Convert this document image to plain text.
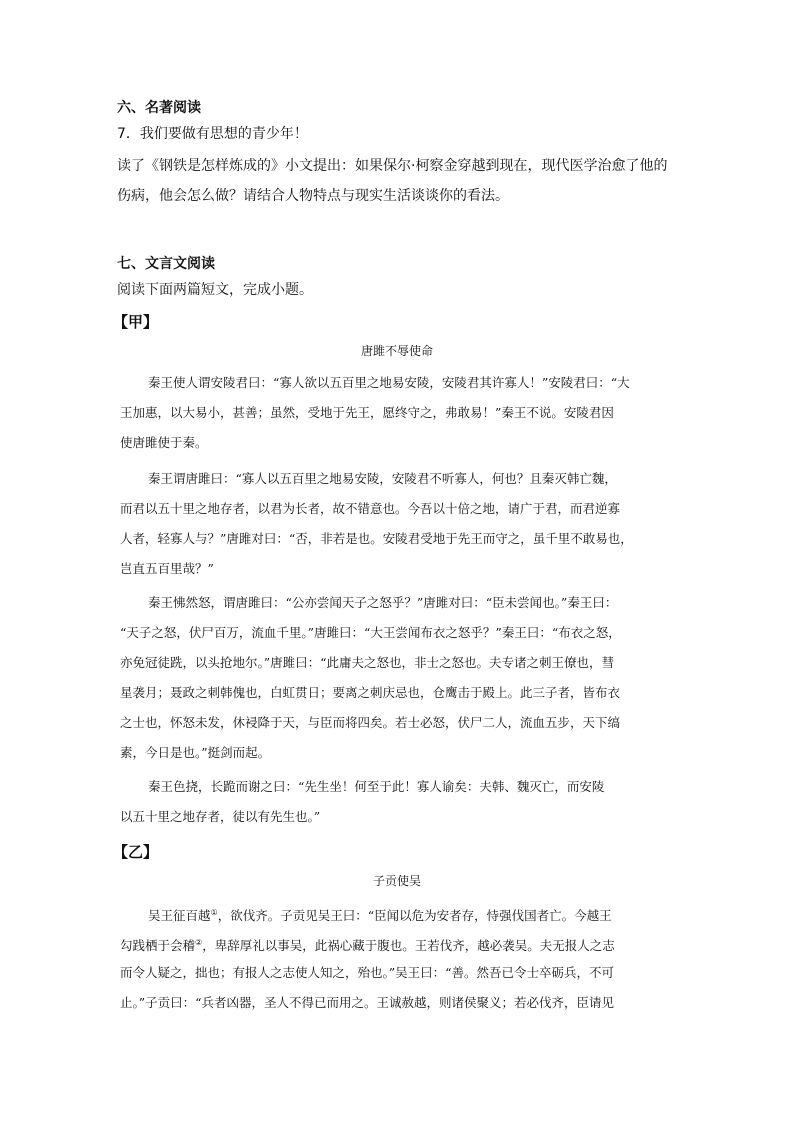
六、名著阅读
7．我们要做有思想的青少年！
读了《钢铁是怎样炼成的》小文提出：如果保尔·柯察金穿越到现在，现代医学治愈了他的
伤病，他会怎么做？请结合人物特点与现实生活谈谈你的看法。
七、文言文阅读
阅读下面两篇短文，完成小题。
【甲】
唐雎不辱使命
秦王使人谓安陵君曰：“寡人欲以五百里之地易安陵，安陵君其许寡人！”安陵君曰：“大
王加惠，以大易小，甚善；虽然，受地于先王，愿终守之，弗敢易！”秦王不说。安陵君因
使唐雎使于秦。
秦王谓唐雎曰：“寡人以五百里之地易安陵，安陵君不听寡人，何也？且秦灭韩亡魏，
而君以五十里之地存者，以君为长者，故不错意也。今吾以十倍之地，请广于君，而君逆寡
人者，轻寡人与？”唐雎对曰：“否，非若是也。安陵君受地于先王而守之，虽千里不敢易也，
岂直五百里哉？”
秦王怫然怒，谓唐雎曰：“公亦尝闻天子之怒乎？”唐雎对曰：“臣未尝闻也。”秦王曰：
“天子之怒，伏尸百万，流血千里。”唐雎曰：“大王尝闻布衣之怒乎？”秦王曰：“布衣之怒，
亦免冠徒跣，以头抢地尔。”唐雎曰：“此庸夫之怒也，非士之怒也。夫专诸之刺王僚也，彗
星袭月；聂政之刺韩傀也，白虹贯日；要离之刺庆忌也，仓鹰击于殿上。此三子者，皆布衣
之士也，怀怒未发，休祲降于天，与臣而将四矣。若士必怒，伏尸二人，流血五步，天下缟
素，今日是也。”挺剑而起。
秦王色挠，长跪而谢之曰：“先生坐！何至于此！寡人谕矣：夫韩、魏灭亡，而安陵
以五十里之地存者，徒以有先生也。”
【乙】
子贡使吴
吴王征百越①，欲伐齐。子贡见吴王曰：“臣闻以危为安者存，恃强伐国者亡。今越王
勾践栖于会稽②，卑辞厚礼以事吴，此祸心藏于腹也。王若伐齐，越必袭吴。夫无报人之志
而令人疑之，拙也；有报人之志使人知之，殆也。”吴王曰：“善。然吾已令士卒砺兵，不可
止。”子贡曰：“兵者凶器，圣人不得已而用之。王诚赦越，则诸侯聚义；若必伐齐，臣请见
